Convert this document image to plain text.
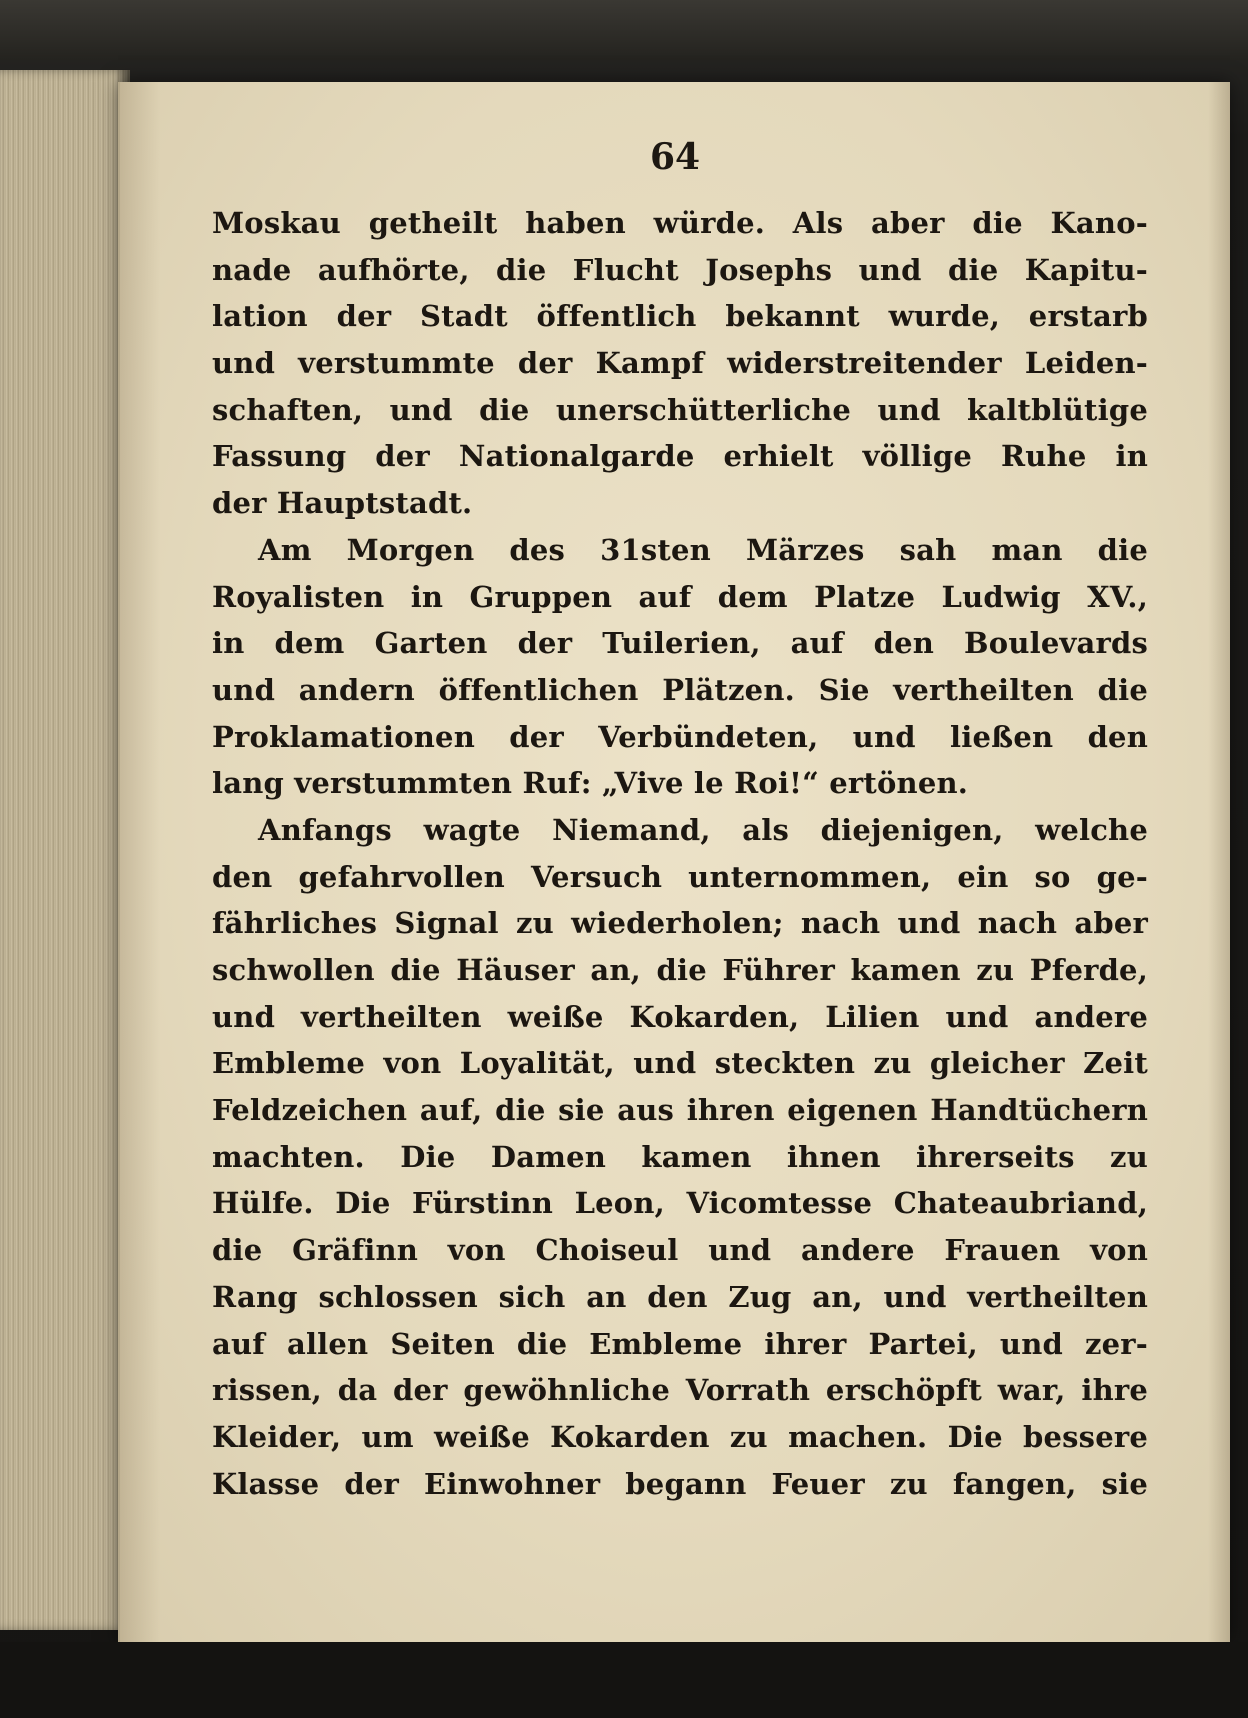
64
Moskau getheilt haben würde. Als aber die Kano-
nade aufhörte, die Flucht Josephs und die Kapitu-
lation der Stadt öffentlich bekannt wurde, erstarb
und verstummte der Kampf widerstreitender Leiden-
schaften, und die unerschütterliche und kaltblütige
Fassung der Nationalgarde erhielt völlige Ruhe in
der Hauptstadt.
Am Morgen des 31sten Märzes sah man die
Royalisten in Gruppen auf dem Platze Ludwig XV.,
in dem Garten der Tuilerien, auf den Boulevards
und andern öffentlichen Plätzen. Sie vertheilten die
Proklamationen der Verbündeten, und ließen den
lang verstummten Ruf: „Vive le Roi!“ ertönen.
Anfangs wagte Niemand, als diejenigen, welche
den gefahrvollen Versuch unternommen, ein so ge-
fährliches Signal zu wiederholen; nach und nach aber
schwollen die Häuser an, die Führer kamen zu Pferde,
und vertheilten weiße Kokarden, Lilien und andere
Embleme von Loyalität, und steckten zu gleicher Zeit
Feldzeichen auf, die sie aus ihren eigenen Handtüchern
machten. Die Damen kamen ihnen ihrerseits zu
Hülfe. Die Fürstinn Leon, Vicomtesse Chateaubriand,
die Gräfinn von Choiseul und andere Frauen von
Rang schlossen sich an den Zug an, und vertheilten
auf allen Seiten die Embleme ihrer Partei, und zer-
rissen, da der gewöhnliche Vorrath erschöpft war, ihre
Kleider, um weiße Kokarden zu machen. Die bessere
Klasse der Einwohner begann Feuer zu fangen, sie
